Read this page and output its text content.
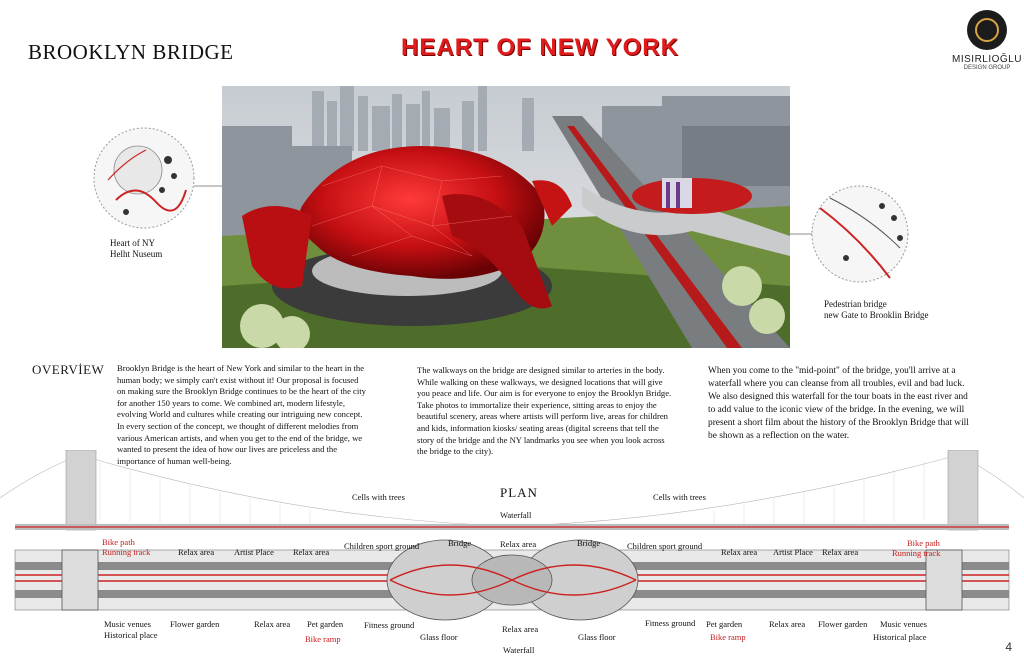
BROOKLYN BRIDGE	HEART OF NEW YORK	MISIRLIOĞLU
DESIGN GROUP
Heart of NY
Helht Nuseum
Pedestrian bridge
new Gate to Brooklin Bridge
OVERVİEW Brooklyn Bridge is the heart of New York and similar to the heart in the human body; we simply can't exist without it! Our proposal is focused on making sure the Brooklyn Bridge continues to be the heart of the city for another 150 years to come. We combined art, modern lifestyle, evolving World and cultures while creating our intriguing new concept. In every section of the concept, we thought of different melodies from various American artists, and when you get to the end of the bridge, we wanted to present the idea of how our lives are priceless and the importance of human well-being.
The walkways on the bridge are designed similar to arteries in the body. While walking on these walkways, we designed locations that will give you peace and life. Our aim is for everyone to enjoy the Brooklyn Bridge. Take photos to immortalize their experience, sitting areas to enjoy the beautiful scenery, areas where artists will perform live, areas for children and kids, information kiosks/ seating areas (digital screens that tell the story of the bridge and the NY landmarks you see when you look across the bridge to the city).
When you come to the "mid-point" of the bridge, you'll arrive at a waterfall where you can cleanse from all troubles, evil and bad luck. We also designed this waterfall for the tour boats in the east river and to add value to the iconic view of the bridge. In the evening, we will present a short film about the history of the Brooklyn Bridge that will be shown as a reflection on the water.
PLAN
Cells with trees	Cells with trees
Waterfall
Bike path
Running track
Bike path
Running track
Relax area Artist Place Relax area
Children sport ground	Bridge	Relax area	Bridge	Children sport ground
Relax area Artist Place Relax area
Music venues
Historical place
Flower garden	Relax area Pet garden
Bike ramp
Fitness ground
Glass floor
Relax area
Waterfall
Glass floor
Fitness ground Pet garden
Bike ramp
Relax area Flower garden Music venues
Historical place
4
